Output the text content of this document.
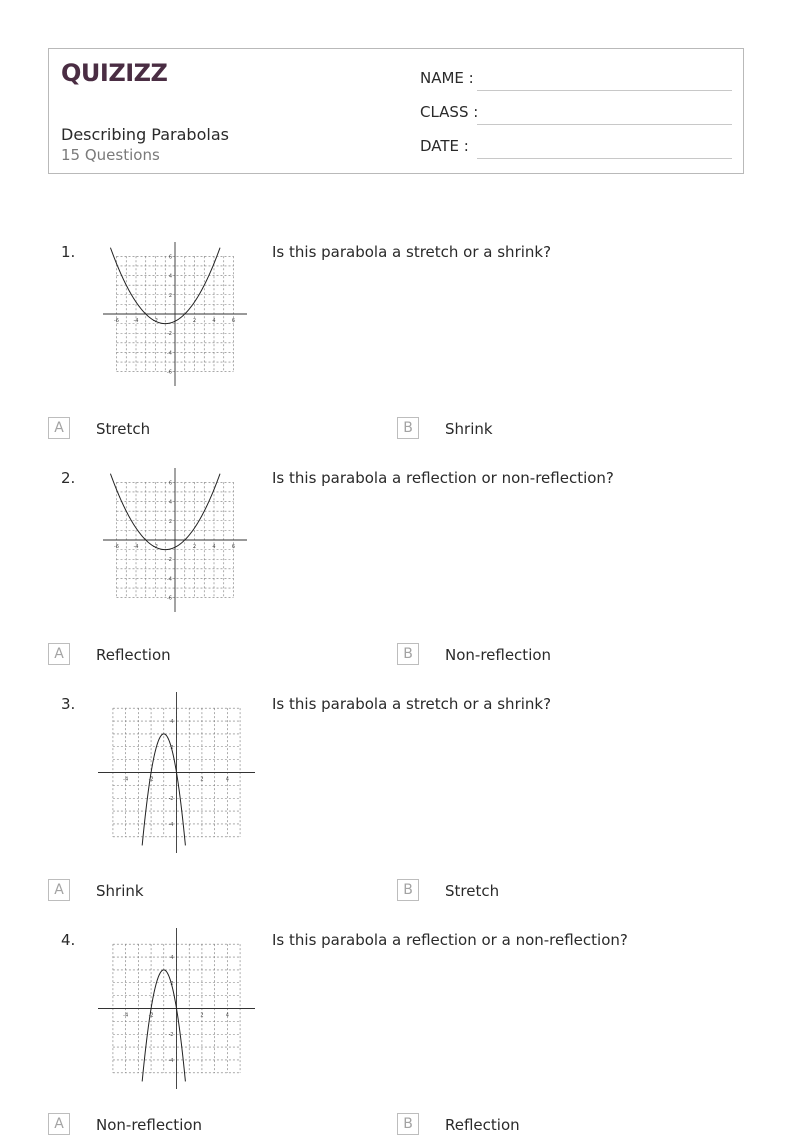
QUIZIZZ
Describing Parabolas
15 Questions
NAME :
CLASS :
DATE :
1.
-6
-6
-4
-4
-2
-2
2
2
4
4
6
6	Is this parabola a stretch or a shrink?
A	Stretch	B	Shrink
2.
-6
-6
-4
-4
-2
-2
2
2
4
4
6
6	Is this parabola a reflection or non-reflection?
A	Reflection	B	Non-reflection
3.
-4
-4
-2
-2
2
2
4
4
Is this parabola a stretch or a shrink?
A	Shrink	B	Stretch
4.
-4
-4
-2
-2
2
2
4
4
Is this parabola a reflection or a non-reflection?
A	Non-reflection	B	Reflection
